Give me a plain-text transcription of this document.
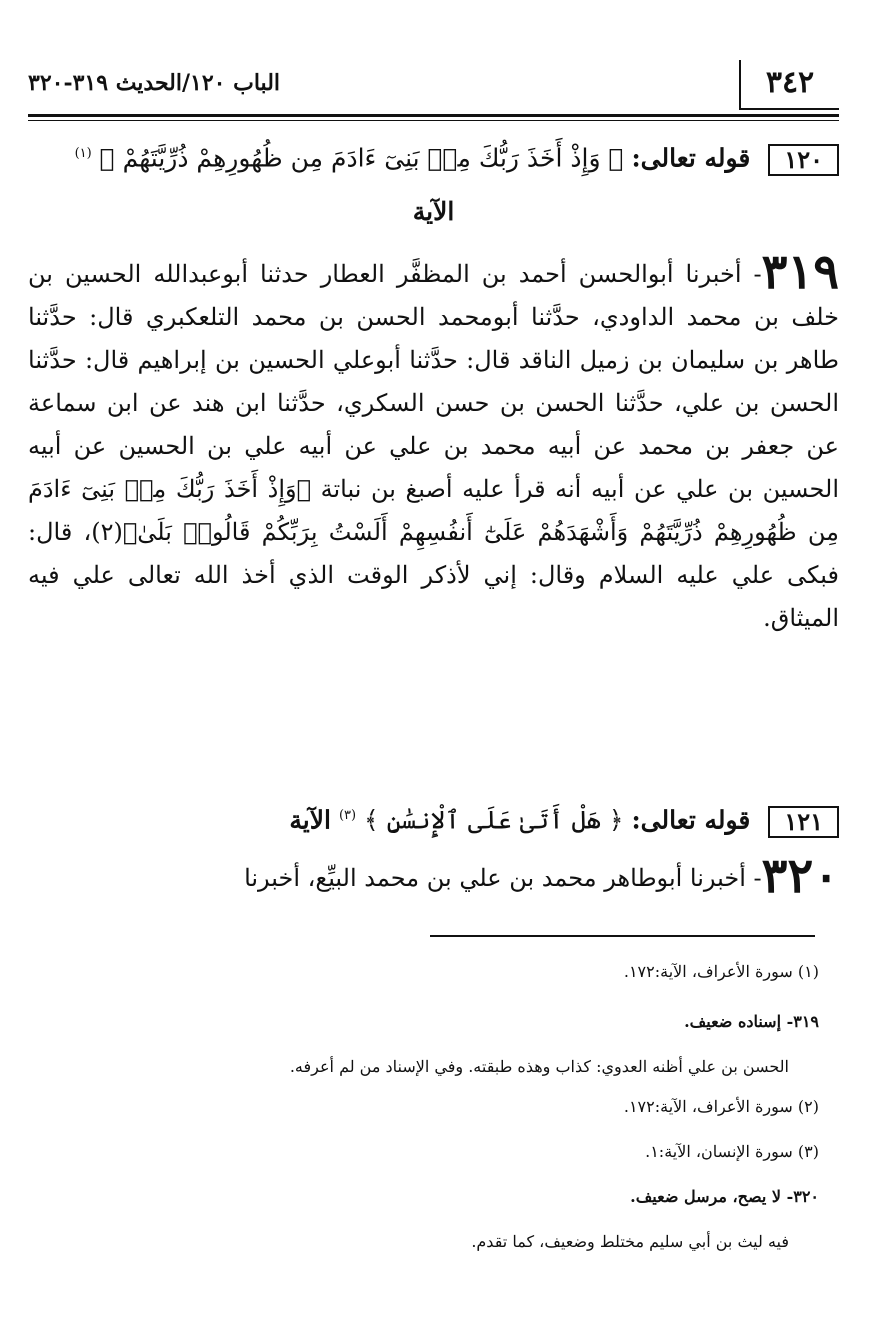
٣٤٢
الباب ١٢٠/الحديث ٣١٩-٣٢٠
١٢٠ قوله تعالى: ﴿ وَإِذْ أَخَذَ رَبُّكَ مِنۢ بَنِىٓ ءَادَمَ مِن ظُهُورِهِمْ ذُرِّيَّتَهُمْ ﴾ $^{(١)}$
الآية
٣١٩- أخبرنا أبوالحسن أحمد بن المظفَّر العطار حدثنا أبوعبدالله الحسين بن خلف بن محمد الداودي، حدَّثنا أبومحمد الحسن بن محمد التلعكبري قال: حدَّثنا طاهر بن سليمان بن زميل الناقد قال: حدَّثنا أبوعلي الحسين بن إبراهيم قال: حدَّثنا الحسن بن علي، حدَّثنا الحسن بن حسن السكري، حدَّثنا ابن هند عن ابن سماعة عن جعفر بن محمد عن أبيه محمد بن علي عن أبيه علي بن الحسين عن أبيه الحسين بن علي عن أبيه أنه قرأ عليه أصبغ بن نباتة ﴿وَإِذْ أَخَذَ رَبُّكَ مِنۢ بَنِىٓ ءَادَمَ مِن ظُهُورِهِمْ ذُرِّيَّتَهُمْ وَأَشْهَدَهُمْ عَلَىٰٓ أَنفُسِهِمْ أَلَسْتُ بِرَبِّكُمْ قَالُوا۟ بَلَىٰ﴾(٢)، قال: فبكى علي عليه السلام وقال: إني لأذكر الوقت الذي أخذ الله تعالى علي فيه الميثاق.
١٢١ قوله تعالى: ﴿ هَلْ أَتَىٰ عَلَى ٱلْإِنسَٰنِ ﴾ $^{(٣)}$ الآية
٣٢٠- أخبرنا أبوطاهر محمد بن علي بن محمد البيِّع، أخبرنا
(١) سورة الأعراف، الآية:١٧٢.
٣١٩- إسناده ضعيف.
الحسن بن علي أظنه العدوي: كذاب وهذه طبقته. وفي الإسناد من لم أعرفه.
(٢) سورة الأعراف، الآية:١٧٢.
(٣) سورة الإنسان، الآية:١.
٣٢٠- لا يصح، مرسل ضعيف.
فيه ليث بن أبي سليم مختلط وضعيف، كما تقدم.
